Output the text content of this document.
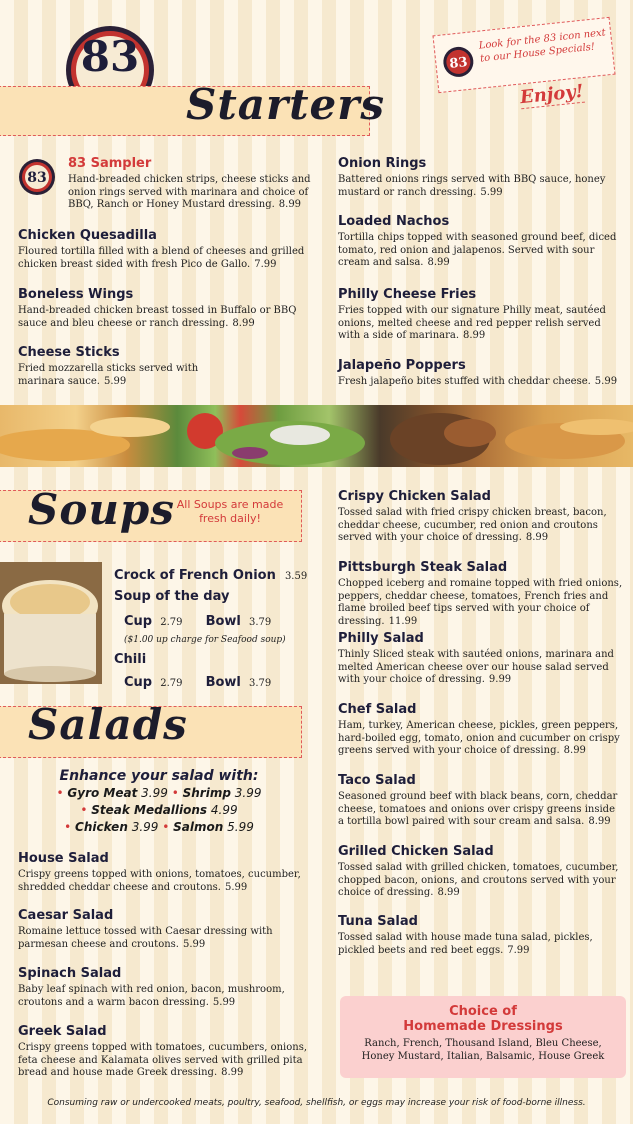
83
Starters
83
Look for the 83 icon next to our House Specials!
Enjoy!
83
83 Sampler

Hand-breaded chicken strips, cheese sticks and onion rings served with marinara and choice of BBQ, Ranch or Honey Mustard dressing. 8.99

Chicken Quesadilla

Floured tortilla filled with a blend of cheeses and grilled chicken breast sided with fresh Pico de Gallo. 7.99

Boneless Wings

Hand-breaded chicken breast tossed in Buffalo or BBQ sauce and bleu cheese or ranch dressing. 8.99

Cheese Sticks

Fried mozzarella sticks served with marinara sauce. 5.99

Onion Rings

Battered onions rings served with BBQ sauce, honey mustard or ranch dressing. 5.99

Loaded Nachos

Tortilla chips topped with seasoned ground beef, diced tomato, red onion and jalapenos. Served with sour cream and salsa. 8.99

Philly Cheese Fries

Fries topped with our signature Philly meat, sautéed onions, melted cheese and red pepper relish served with a side of marinara. 8.99

Jalapeño Poppers

Fresh jalapeño bites stuffed with cheddar cheese. 5.99

Soups All Soups are made fresh daily!
Crock of French Onion 3.59
Soup of the day
Cup 2.79 Bowl 3.79
($1.00 up charge for Seafood soup)
Chili
Cup 2.79 Bowl 3.79
Salads
Enhance your salad with:
• Gyro Meat 3.99 • Shrimp 3.99
• Steak Medallions 4.99
• Chicken 3.99 • Salmon 5.99
House Salad

Crispy greens topped with onions, tomatoes, cucumber, shredded cheddar cheese and croutons. 5.99

Caesar Salad

Romaine lettuce tossed with Caesar dressing with parmesan cheese and croutons. 5.99

Spinach Salad

Baby leaf spinach with red onion, bacon, mushroom, croutons and a warm bacon dressing. 5.99

Greek Salad

Crispy greens topped with tomatoes, cucumbers, onions, feta cheese and Kalamata olives served with grilled pita bread and house made Greek dressing. 8.99

Crispy Chicken Salad

Tossed salad with fried crispy chicken breast, bacon, cheddar cheese, cucumber, red onion and croutons served with your choice of dressing. 8.99

Pittsburgh Steak Salad

Chopped iceberg and romaine topped with fried onions, peppers, cheddar cheese, tomatoes, French fries and flame broiled beef tips served with your choice of dressing. 11.99

Philly Salad

Thinly Sliced steak with sautéed onions, marinara and melted American cheese over our house salad served with your choice of dressing. 9.99

Chef Salad

Ham, turkey, American cheese, pickles, green peppers, hard-boiled egg, tomato, onion and cucumber on crispy greens served with your choice of dressing. 8.99

Taco Salad

Seasoned ground beef with black beans, corn, cheddar cheese, tomatoes and onions over crispy greens inside a tortilla bowl paired with sour cream and salsa. 8.99

Grilled Chicken Salad

Tossed salad with grilled chicken, tomatoes, cucumber, chopped bacon, onions, and croutons served with your choice of dressing. 8.99

Tuna Salad

Tossed salad with house made tuna salad, pickles, pickled beets and red beet eggs. 7.99

Choice of
Homemade Dressings
Ranch, French, Thousand Island, Bleu Cheese,
Honey Mustard, Italian, Balsamic, House Greek
Consuming raw or undercooked meats, poultry, seafood, shellfish, or eggs may increase your risk of food-borne illness.
